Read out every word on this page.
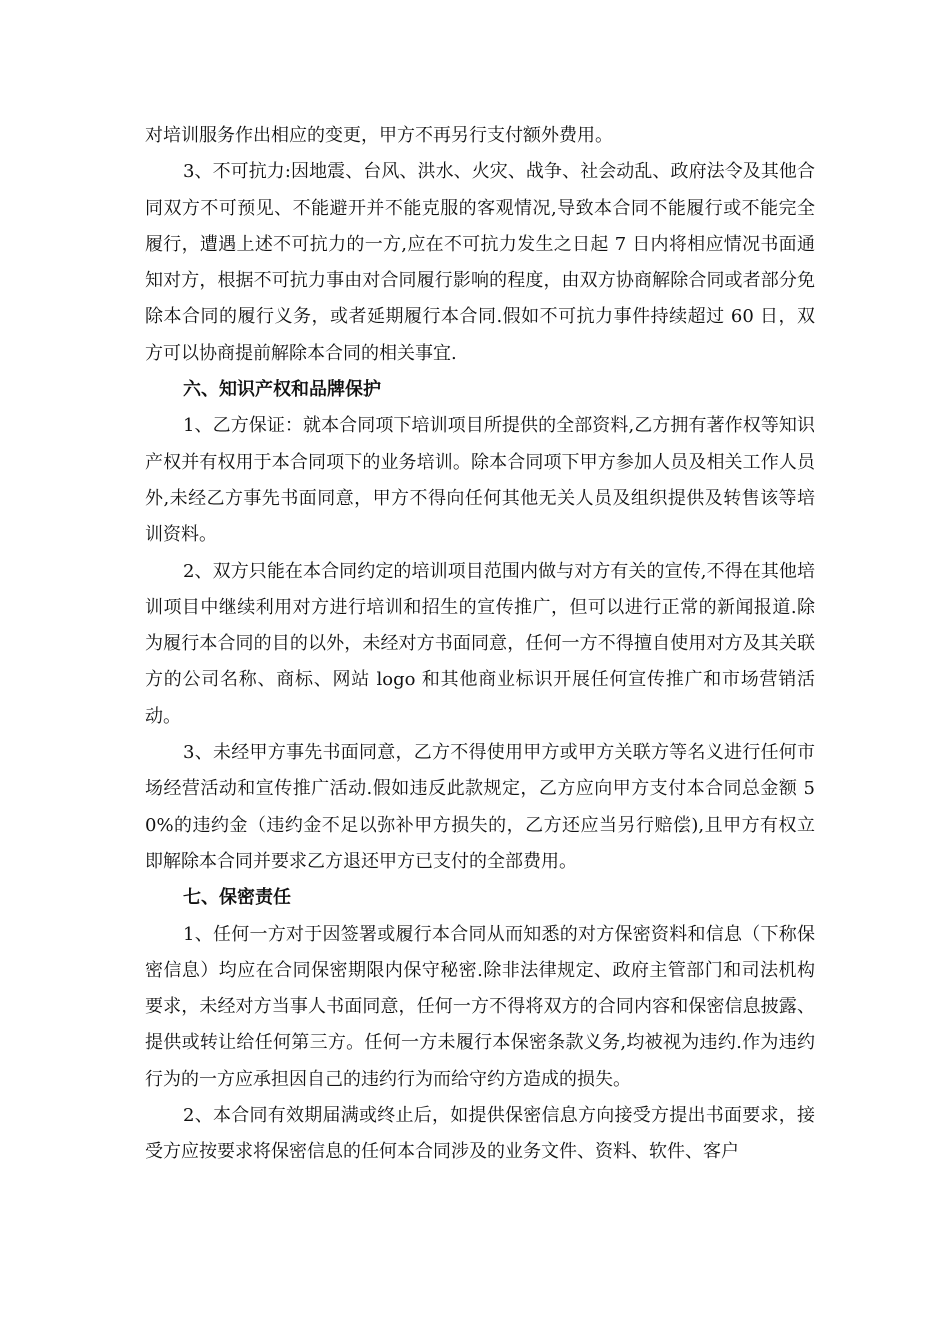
对培训服务作出相应的变更，甲方不再另行支付额外费用。

3、不可抗力:因地震、台风、洪水、火灾、战争、社会动乱、政府法令及其他合同双方不可预见、不能避开并不能克服的客观情况,导致本合同不能履行或不能完全履行，遭遇上述不可抗力的一方,应在不可抗力发生之日起 7 日内将相应情况书面通知对方，根据不可抗力事由对合同履行影响的程度，由双方协商解除合同或者部分免除本合同的履行义务，或者延期履行本合同.假如不可抗力事件持续超过 60 日，双方可以协商提前解除本合同的相关事宜.

六、知识产权和品牌保护

1、乙方保证：就本合同项下培训项目所提供的全部资料,乙方拥有著作权等知识产权并有权用于本合同项下的业务培训。除本合同项下甲方参加人员及相关工作人员外,未经乙方事先书面同意，甲方不得向任何其他无关人员及组织提供及转售该等培训资料。

2、双方只能在本合同约定的培训项目范围内做与对方有关的宣传,不得在其他培训项目中继续利用对方进行培训和招生的宣传推广，但可以进行正常的新闻报道.除为履行本合同的目的以外，未经对方书面同意，任何一方不得擅自使用对方及其关联方的公司名称、商标、网站 logo 和其他商业标识开展任何宣传推广和市场营销活动。

3、未经甲方事先书面同意，乙方不得使用甲方或甲方关联方等名义进行任何市场经营活动和宣传推广活动.假如违反此款规定，乙方应向甲方支付本合同总金额 50%的违约金（违约金不足以弥补甲方损失的，乙方还应当另行赔偿),且甲方有权立即解除本合同并要求乙方退还甲方已支付的全部费用。

七、保密责任

1、任何一方对于因签署或履行本合同从而知悉的对方保密资料和信息（下称保密信息）均应在合同保密期限内保守秘密.除非法律规定、政府主管部门和司法机构要求，未经对方当事人书面同意，任何一方不得将双方的合同内容和保密信息披露、提供或转让给任何第三方。任何一方未履行本保密条款义务,均被视为违约.作为违约行为的一方应承担因自己的违约行为而给守约方造成的损失。

2、本合同有效期届满或终止后，如提供保密信息方向接受方提出书面要求，接受方应按要求将保密信息的任何本合同涉及的业务文件、资料、软件、客户
